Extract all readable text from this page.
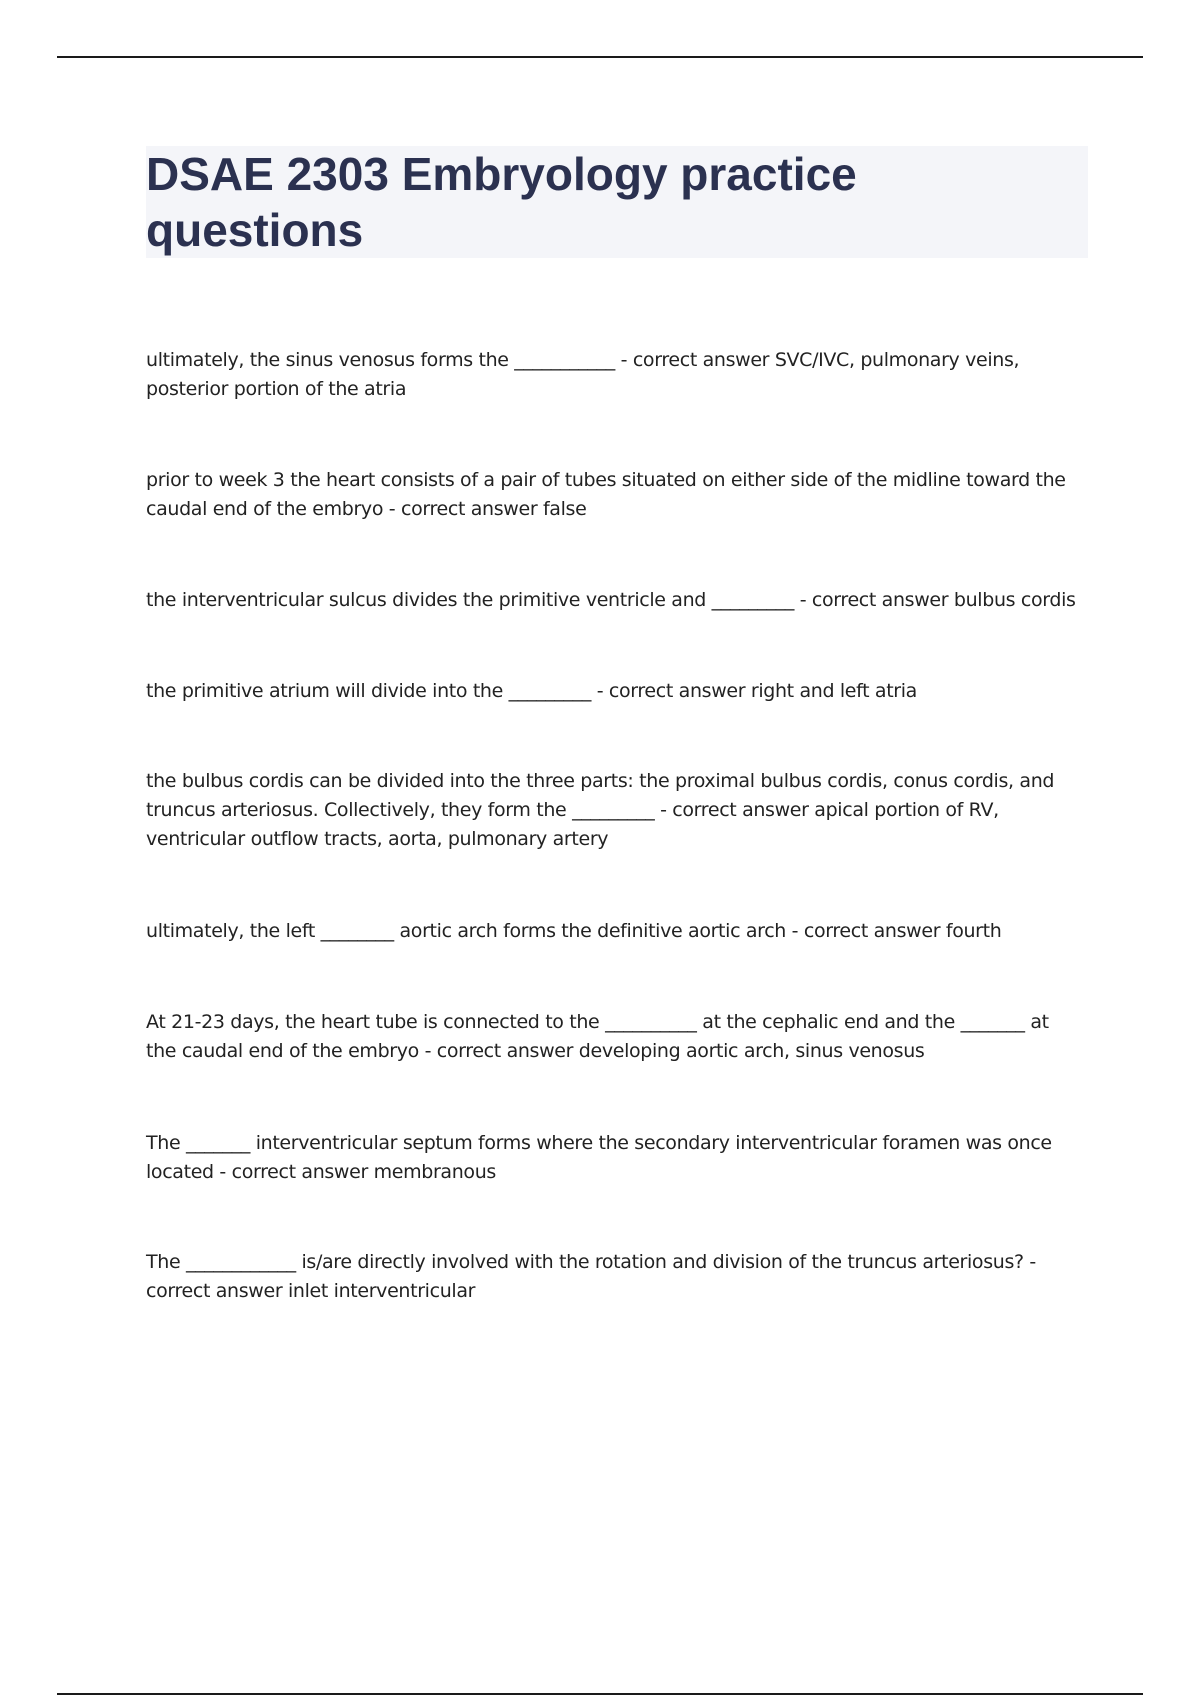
DSAE 2303 Embryology practice questions

ultimately, the sinus venosus forms the ___________ - correct answer SVC/IVC, pulmonary veins, posterior portion of the atria

prior to week 3 the heart consists of a pair of tubes situated on either side of the midline toward the caudal end of the embryo - correct answer false

the interventricular sulcus divides the primitive ventricle and _________ - correct answer bulbus cordis

the primitive atrium will divide into the _________ - correct answer right and left atria

the bulbus cordis can be divided into the three parts: the proximal bulbus cordis, conus cordis, and truncus arteriosus. Collectively, they form the _________ - correct answer apical portion of RV, ventricular outflow tracts, aorta, pulmonary artery

ultimately, the left ________ aortic arch forms the definitive aortic arch - correct answer fourth

At 21-23 days, the heart tube is connected to the __________ at the cephalic end and the _______ at the caudal end of the embryo - correct answer developing aortic arch, sinus venosus

The _______ interventricular septum forms where the secondary interventricular foramen was once located - correct answer membranous

The ____________ is/are directly involved with the rotation and division of the truncus arteriosus? - correct answer inlet interventricular
